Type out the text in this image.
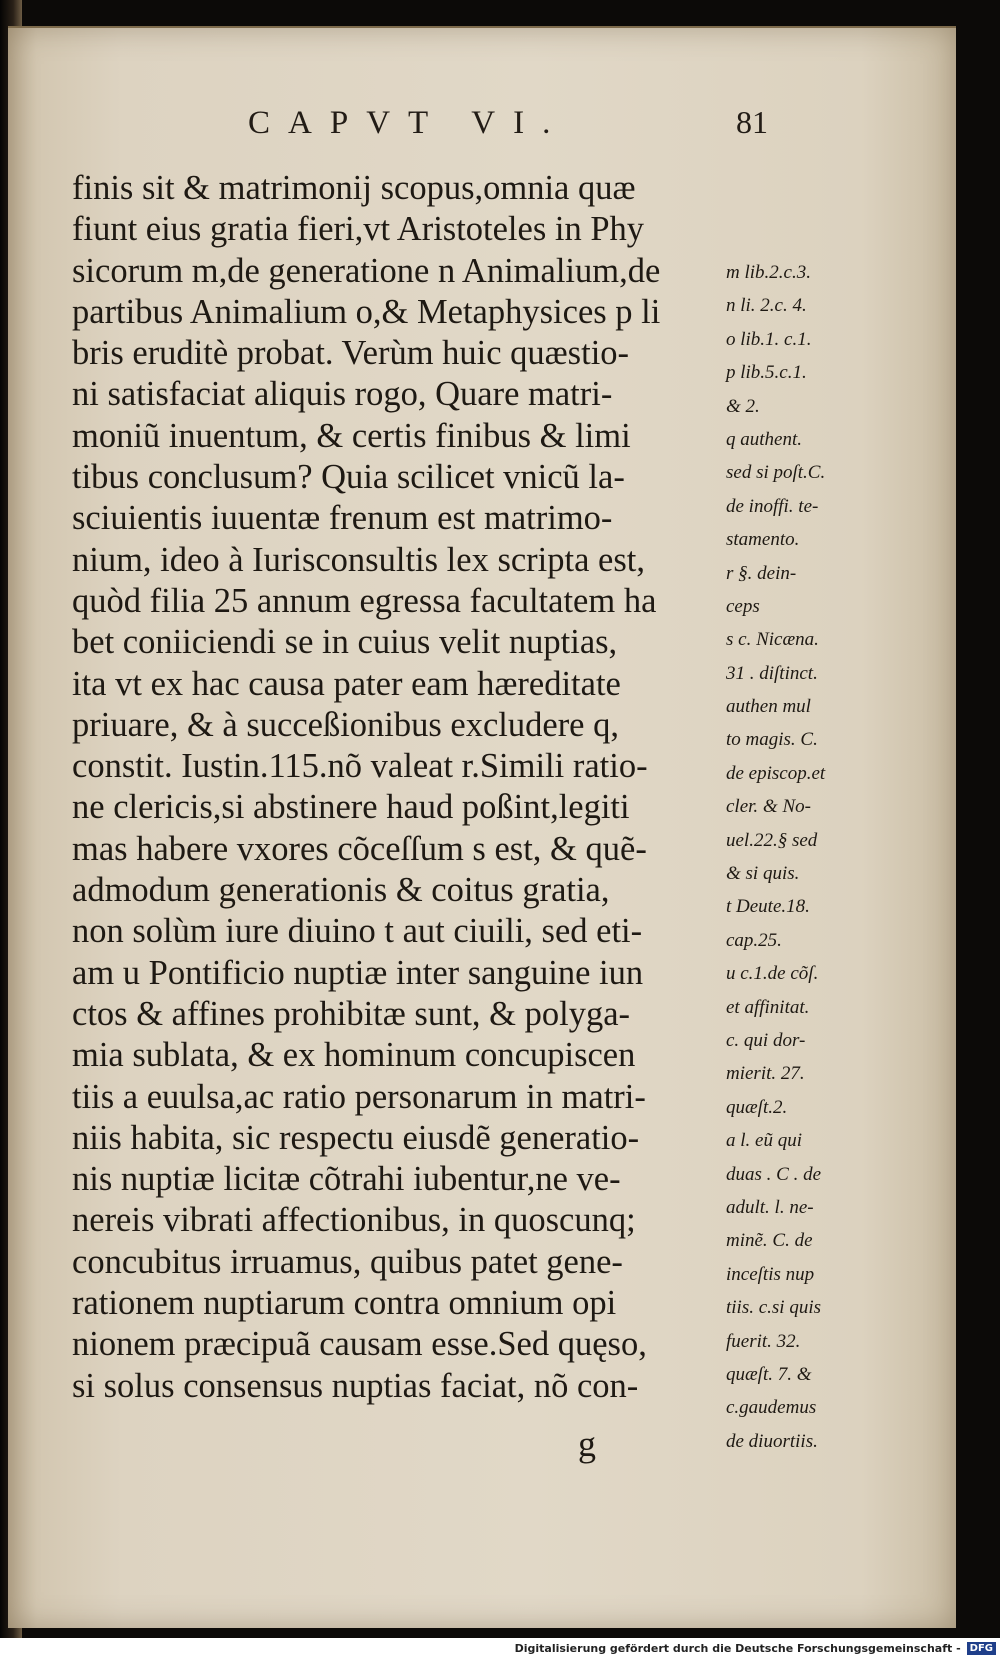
CAPVT VI.	81
finis sit & matrimonij scopus,omnia quæ
fiunt eius gratia fieri,vt Aristoteles in Phy
sicorum m,de generatione n Animalium,de
partibus Animalium o,& Metaphysices p li
bris eruditè probat. Verùm huic quæstio-
ni satisfaciat aliquis rogo, Quare matri-
moniũ inuentum, & certis finibus & limi
tibus conclusum? Quia scilicet vnicũ la-
sciuientis iuuentæ frenum est matrimo-
nium, ideo à Iurisconsultis lex scripta est,
quòd filia 25 annum egressa facultatem ha
bet coniiciendi se in cuius velit nuptias,
ita vt ex hac causa pater eam hæreditate
priuare, & à succeßionibus excludere q,
constit. Iustin.115.nõ valeat r.Simili ratio-
ne clericis,si abstinere haud poßint,legiti
mas habere vxores cõceſſum s est, & quẽ-
admodum generationis & coitus gratia,
non solùm iure diuino t aut ciuili, sed eti-
am u Pontificio nuptiæ inter sanguine iun
ctos & affines prohibitæ sunt, & polyga-
mia sublata, & ex hominum concupiscen
tiis a euulsa,ac ratio personarum in matri-
niis habita, sic respectu eiusdẽ generatio-
nis nuptiæ licitæ cõtrahi iubentur,ne ve-
nereis vibrati affectionibus, in quoscunq;
concubitus irruamus, quibus patet gene-
rationem nuptiarum contra omnium opi
nionem præcipuã causam esse.Sed quęso,
si solus consensus nuptias faciat, nõ con-
m lib.2.c.3.
n li. 2.c. 4.
o lib.1. c.1.
p lib.5.c.1.
& 2.
q authent.
sed si poſt.C.
de inoffi. te-
stamento.
r §. dein-
ceps
s c. Nicæna.
31 . diſtinct.
authen mul
to magis. C.
de episcop.et
cler. & No-
uel.22.§ sed
& si quis.
t Deute.18.
cap.25.
u c.1.de cõſ.
et affinitat.
c. qui dor-
mierit. 27.
quæſt.2.
a l. eũ qui
duas . C . de
adult. l. ne-
minẽ. C. de
inceſtis nup
tiis. c.si quis
fuerit. 32.
quæſt. 7. &
c.gaudemus
de diuortiis.
g
Digitalisierung gefördert durch die Deutsche Forschungsgemeinschaft - DFG
